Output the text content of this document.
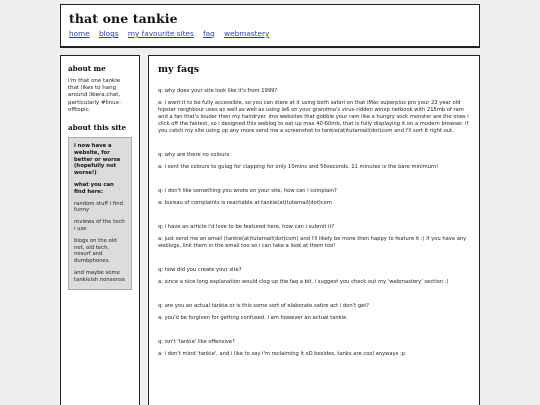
that one tankie
home blogs my favourite sites faq webmastery
about me
i'm that one tankie that likes to hang around libera.chat, particularly #linux-offtopic.
about this site
i now have a website, for better or worse (hopefully not worse!)
what you can find here:
random stuff i find funny
reviews of the tech i use
blogs on the old net, old tech, nosurf and dumbphones
and maybe some tankieish nonsense
my faqs
q: why does your site look like it's from 1999?
a: i want it to be fully accessible, so you can stare at it using both safari on that iMac superplus pro your 23 year old hipster neighbour uses as well as well as using ie6 on your grandma's virus-ridden winxp netbook with 215mb of ram and a fan that's louder then my hairdryer. imo websites that gobble your ram like a hungry sock monster are the ones i click off the fastest, so i designed this weblog to eat up max 40-60mb, that is fully displaying it on a modern browser. if you catch my site using up any more send me a screenshot to tankie(at)tutamail(dot)com and i'll sort it right out.
q: why are there no colours
a: i sent the colours to gulag for clapping for only 10mins and 56seconds. 11 minutes is the bare minimum!
q: i don't like something you wrote on your site, how can i complain?
a: bureau of complaints is reachable at tankie(at)tutamail(dot)com
q: i have an article i'd love to be featured here, how can i submit it?
a: just send me an email (tankie(at)tutamail(dot)com) and i'll likely be more then happy to feature it :) if you have any weblogs, link them in the email too so i can take a look at them too!
q: how did you create your site?
a: since a nice long explanation would clog up the faq a bit, i suggest you check out my 'webmastery' section :)
q: are you an actual tankie or is this some sort of elaborate satire act i don't get?
a: you'd be forgiven for getting confused. i am however an actual tankie.
q: isn't 'tankie' like offensive?
a: i don't mind 'tankie', and i like to say i'm reclaiming it xD besides, tanks are cool anyways :p
